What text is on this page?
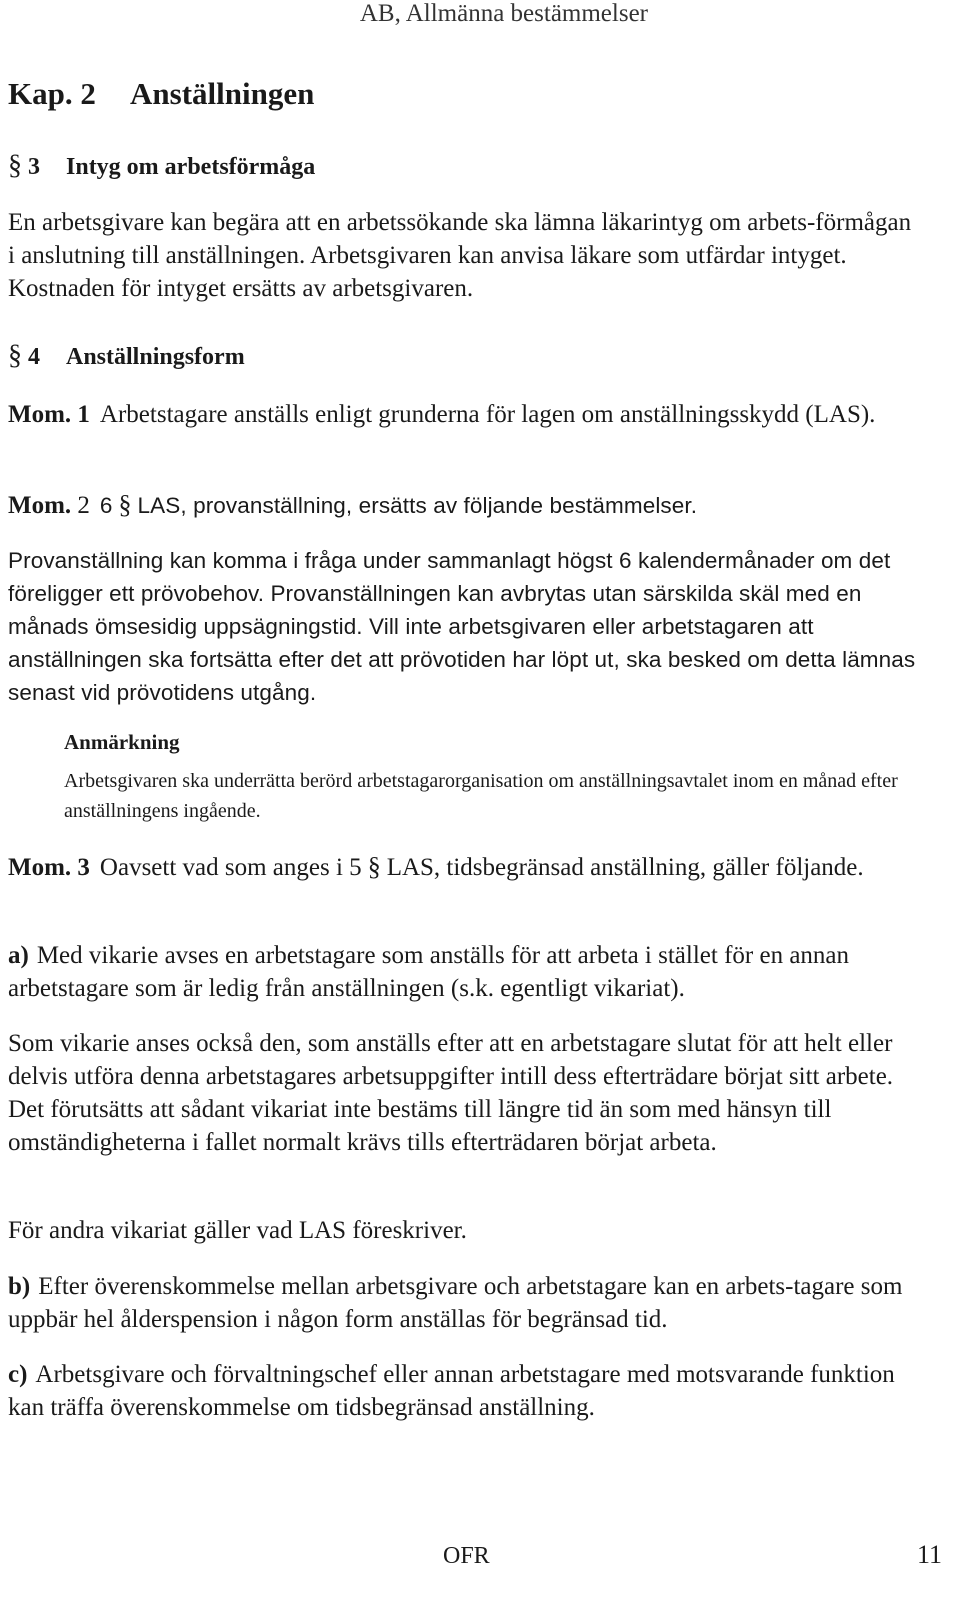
AB, Allmänna bestämmelser
Kap. 2 Anställningen
§ 3 Intyg om arbetsförmåga

En arbetsgivare kan begära att en arbetssökande ska lämna läkarintyg om arbets-förmågan i anslutning till anställningen. Arbetsgivaren kan anvisa läkare som utfärdar intyget. Kostnaden för intyget ersätts av arbetsgivaren.

§ 4 Anställningsform

Mom. 1 Arbetstagare anställs enligt grunderna för lagen om anställningsskydd (LAS).

Mom. 2 6 § LAS, provanställning, ersätts av följande bestämmelser.

Provanställning kan komma i fråga under sammanlagt högst 6 kalendermånader om det föreligger ett prövobehov. Provanställningen kan avbrytas utan särskilda skäl med en månads ömsesidig uppsägningstid. Vill inte arbetsgivaren eller arbetstagaren att anställningen ska fortsätta efter det att prövotiden har löpt ut, ska besked om detta lämnas senast vid prövotidens utgång.

Anmärkning

Arbetsgivaren ska underrätta berörd arbetstagarorganisation om anställningsavtalet inom en månad efter anställningens ingående.

Mom. 3 Oavsett vad som anges i 5 § LAS, tidsbegränsad anställning, gäller följande.

a) Med vikarie avses en arbetstagare som anställs för att arbeta i stället för en annan arbetstagare som är ledig från anställningen (s.k. egentligt vikariat).

Som vikarie anses också den, som anställs efter att en arbetstagare slutat för att helt eller delvis utföra denna arbetstagares arbetsuppgifter intill dess efterträdare börjat sitt arbete. Det förutsätts att sådant vikariat inte bestäms till längre tid än som med hänsyn till omständigheterna i fallet normalt krävs tills efterträdaren börjat arbeta.

För andra vikariat gäller vad LAS föreskriver.

b) Efter överenskommelse mellan arbetsgivare och arbetstagare kan en arbets-tagare som uppbär hel ålderspension i någon form anställas för begränsad tid.

c) Arbetsgivare och förvaltningschef eller annan arbetstagare med motsvarande funktion kan träffa överenskommelse om tidsbegränsad anställning.

OFR	11
